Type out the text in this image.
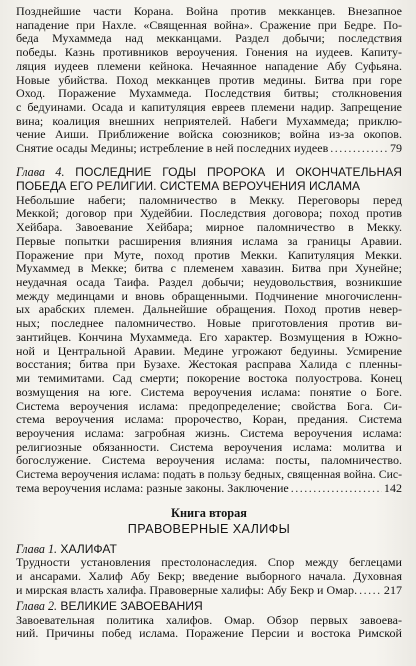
Позднейшие части Корана. Война против мекканцев. Внезапное
нападение при Нахле. «Священная война». Сражение при Бедре. По-
беда Мухаммеда над мекканцами. Раздел добычи; последствия
победы. Казнь противников вероучения. Гонения на иудеев. Капиту-
ляция иудеев племени кейнока. Нечаянное нападение Абу Суфьяна.
Новые убийства. Поход мекканцев против медины. Битва при горе
Оход. Поражение Мухаммеда. Последствия битвы; столкновения
с бедуинами. Осада и капитуляция евреев племени надир. Запрещение
вина; коалиция внешних неприятелей. Набеги Мухаммеда; приклю-
чение Аиши. Приближение войска союзников; война из-за окопов.
Снятие осады Медины; истребление в ней последних иудеев .....	79
Глава 4. ПОСЛЕДНИЕ ГОДЫ ПРОРОКА И ОКОНЧАТЕЛЬНАЯ
ПОБЕДА ЕГО РЕЛИГИИ. СИСТЕМА ВЕРОУЧЕНИЯ ИСЛАМА
Небольшие набеги; паломничество в Мекку. Переговоры перед
Меккой; договор при Худейбии. Последствия договора; поход против
Хейбара. Завоевание Хейбара; мирное паломничество в Мекку.
Первые попытки расширения влияния ислама за границы Аравии.
Поражение при Муте, поход против Мекки. Капитуляция Мекки.
Мухаммед в Мекке; битва с племенем хавазин. Битва при Хунейне;
неудачная осада Таифа. Раздел добычи; неудовольствия, возникшие
между мединцами и вновь обращенными. Подчинение многочисленн-
ых арабских племен. Дальнейшие обращения. Поход против невер-
ных; последнее паломничество. Новые приготовления против ви-
зантийцев. Кончина Мухаммеда. Его характер. Возмущения в Южно-
ной и Центральной Аравии. Медине угрожают бедуины. Усмирение
восстания; битва при Бузахе. Жестокая расправа Халида с пленны-
ми темимитами. Сад смерти; покорение востока полуострова. Конец
возмущения на юге. Система вероучения ислама: понятие о Боге.
Система вероучения ислама: предопределение; свойства Бога. Си-
стема вероучения ислама: пророчество, Коран, предания. Система
вероучения ислама: загробная жизнь. Система вероучения ислама:
религиозные обязанности. Система вероучения ислама: молитва и
богослужение. Система вероучения ислама: посты, паломничество.
Система вероучения ислама: подать в пользу бедных, священная война. Сис-
тема вероучения ислама: разные законы. Заключение .....	142
Книга вторая
ПРАВОВЕРНЫЕ ХАЛИФЫ
Глава 1. ХАЛИФАТ
Трудности установления престолонаследия. Спор между беглецами
и ансарами. Халиф Абу Бекр; введение выборного начала. Духовная
и мирская власть халифа. Правоверные халифы: Абу Бекр и Омар. ..... 217
Глава 2. ВЕЛИКИЕ ЗАВОЕВАНИЯ
Завоевательная политика халифов. Омар. Обзор первых завоева-
ний. Причины побед ислама. Поражение Персии и востока Римской
